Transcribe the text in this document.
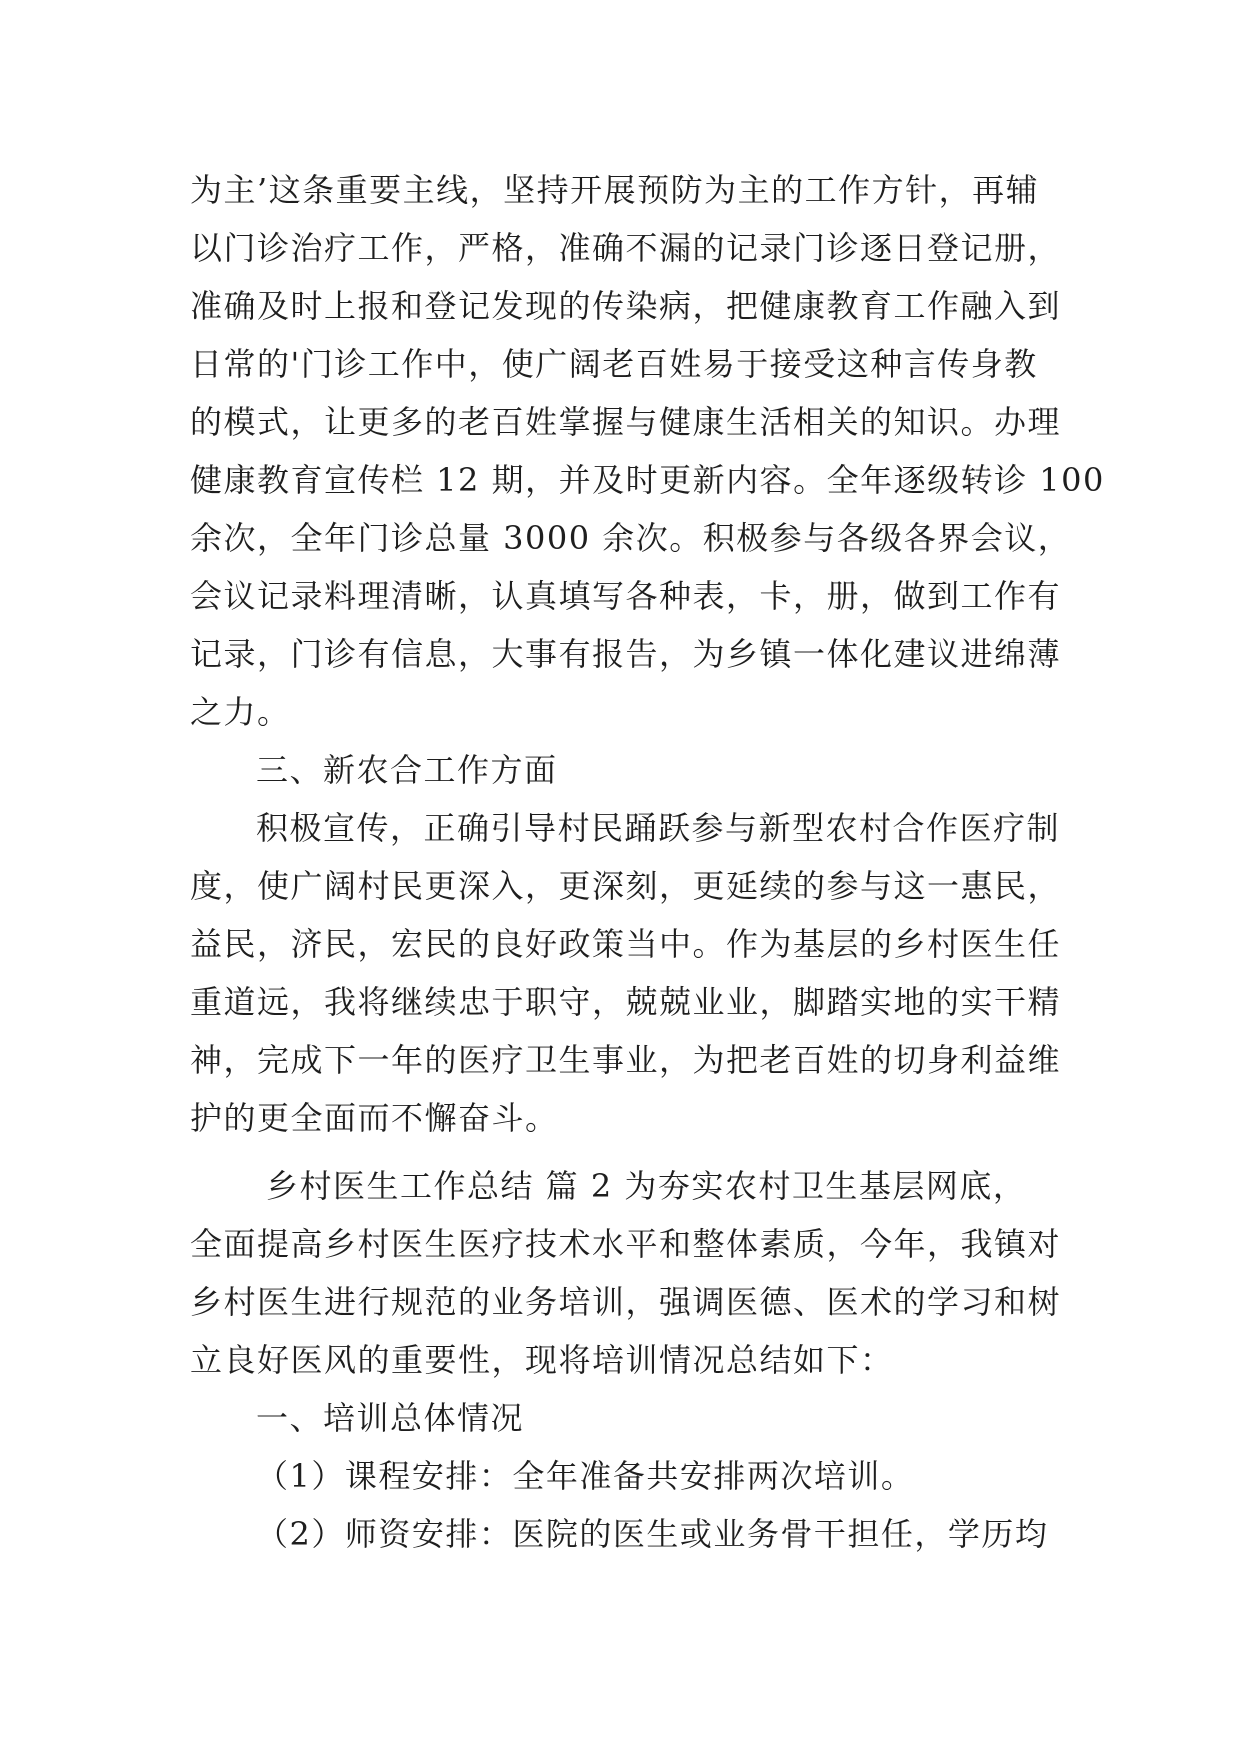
为主’这条重要主线，坚持开展预防为主的工作方针，再辅
以门诊治疗工作，严格，准确不漏的记录门诊逐日登记册，
准确及时上报和登记发现的传染病，把健康教育工作融入到
日常的'门诊工作中，使广阔老百姓易于接受这种言传身教
的模式，让更多的老百姓掌握与健康生活相关的知识。办理
健康教育宣传栏 12 期，并及时更新内容。全年逐级转诊 100
余次，全年门诊总量 3000 余次。积极参与各级各界会议，
会议记录料理清晰，认真填写各种表，卡，册，做到工作有
记录，门诊有信息，大事有报告，为乡镇一体化建议进绵薄
之力。
三、新农合工作方面
积极宣传，正确引导村民踊跃参与新型农村合作医疗制
度，使广阔村民更深入，更深刻，更延续的参与这一惠民，
益民，济民，宏民的良好政策当中。作为基层的乡村医生任
重道远，我将继续忠于职守，兢兢业业，脚踏实地的实干精
神，完成下一年的医疗卫生事业，为把老百姓的切身利益维
护的更全面而不懈奋斗。
乡村医生工作总结 篇 2 为夯实农村卫生基层网底，
全面提高乡村医生医疗技术水平和整体素质，今年，我镇对
乡村医生进行规范的业务培训，强调医德、医术的学习和树
立良好医风的重要性，现将培训情况总结如下：
一、培训总体情况
（1）课程安排：全年准备共安排两次培训。
（2）师资安排：医院的医生或业务骨干担任，学历均
